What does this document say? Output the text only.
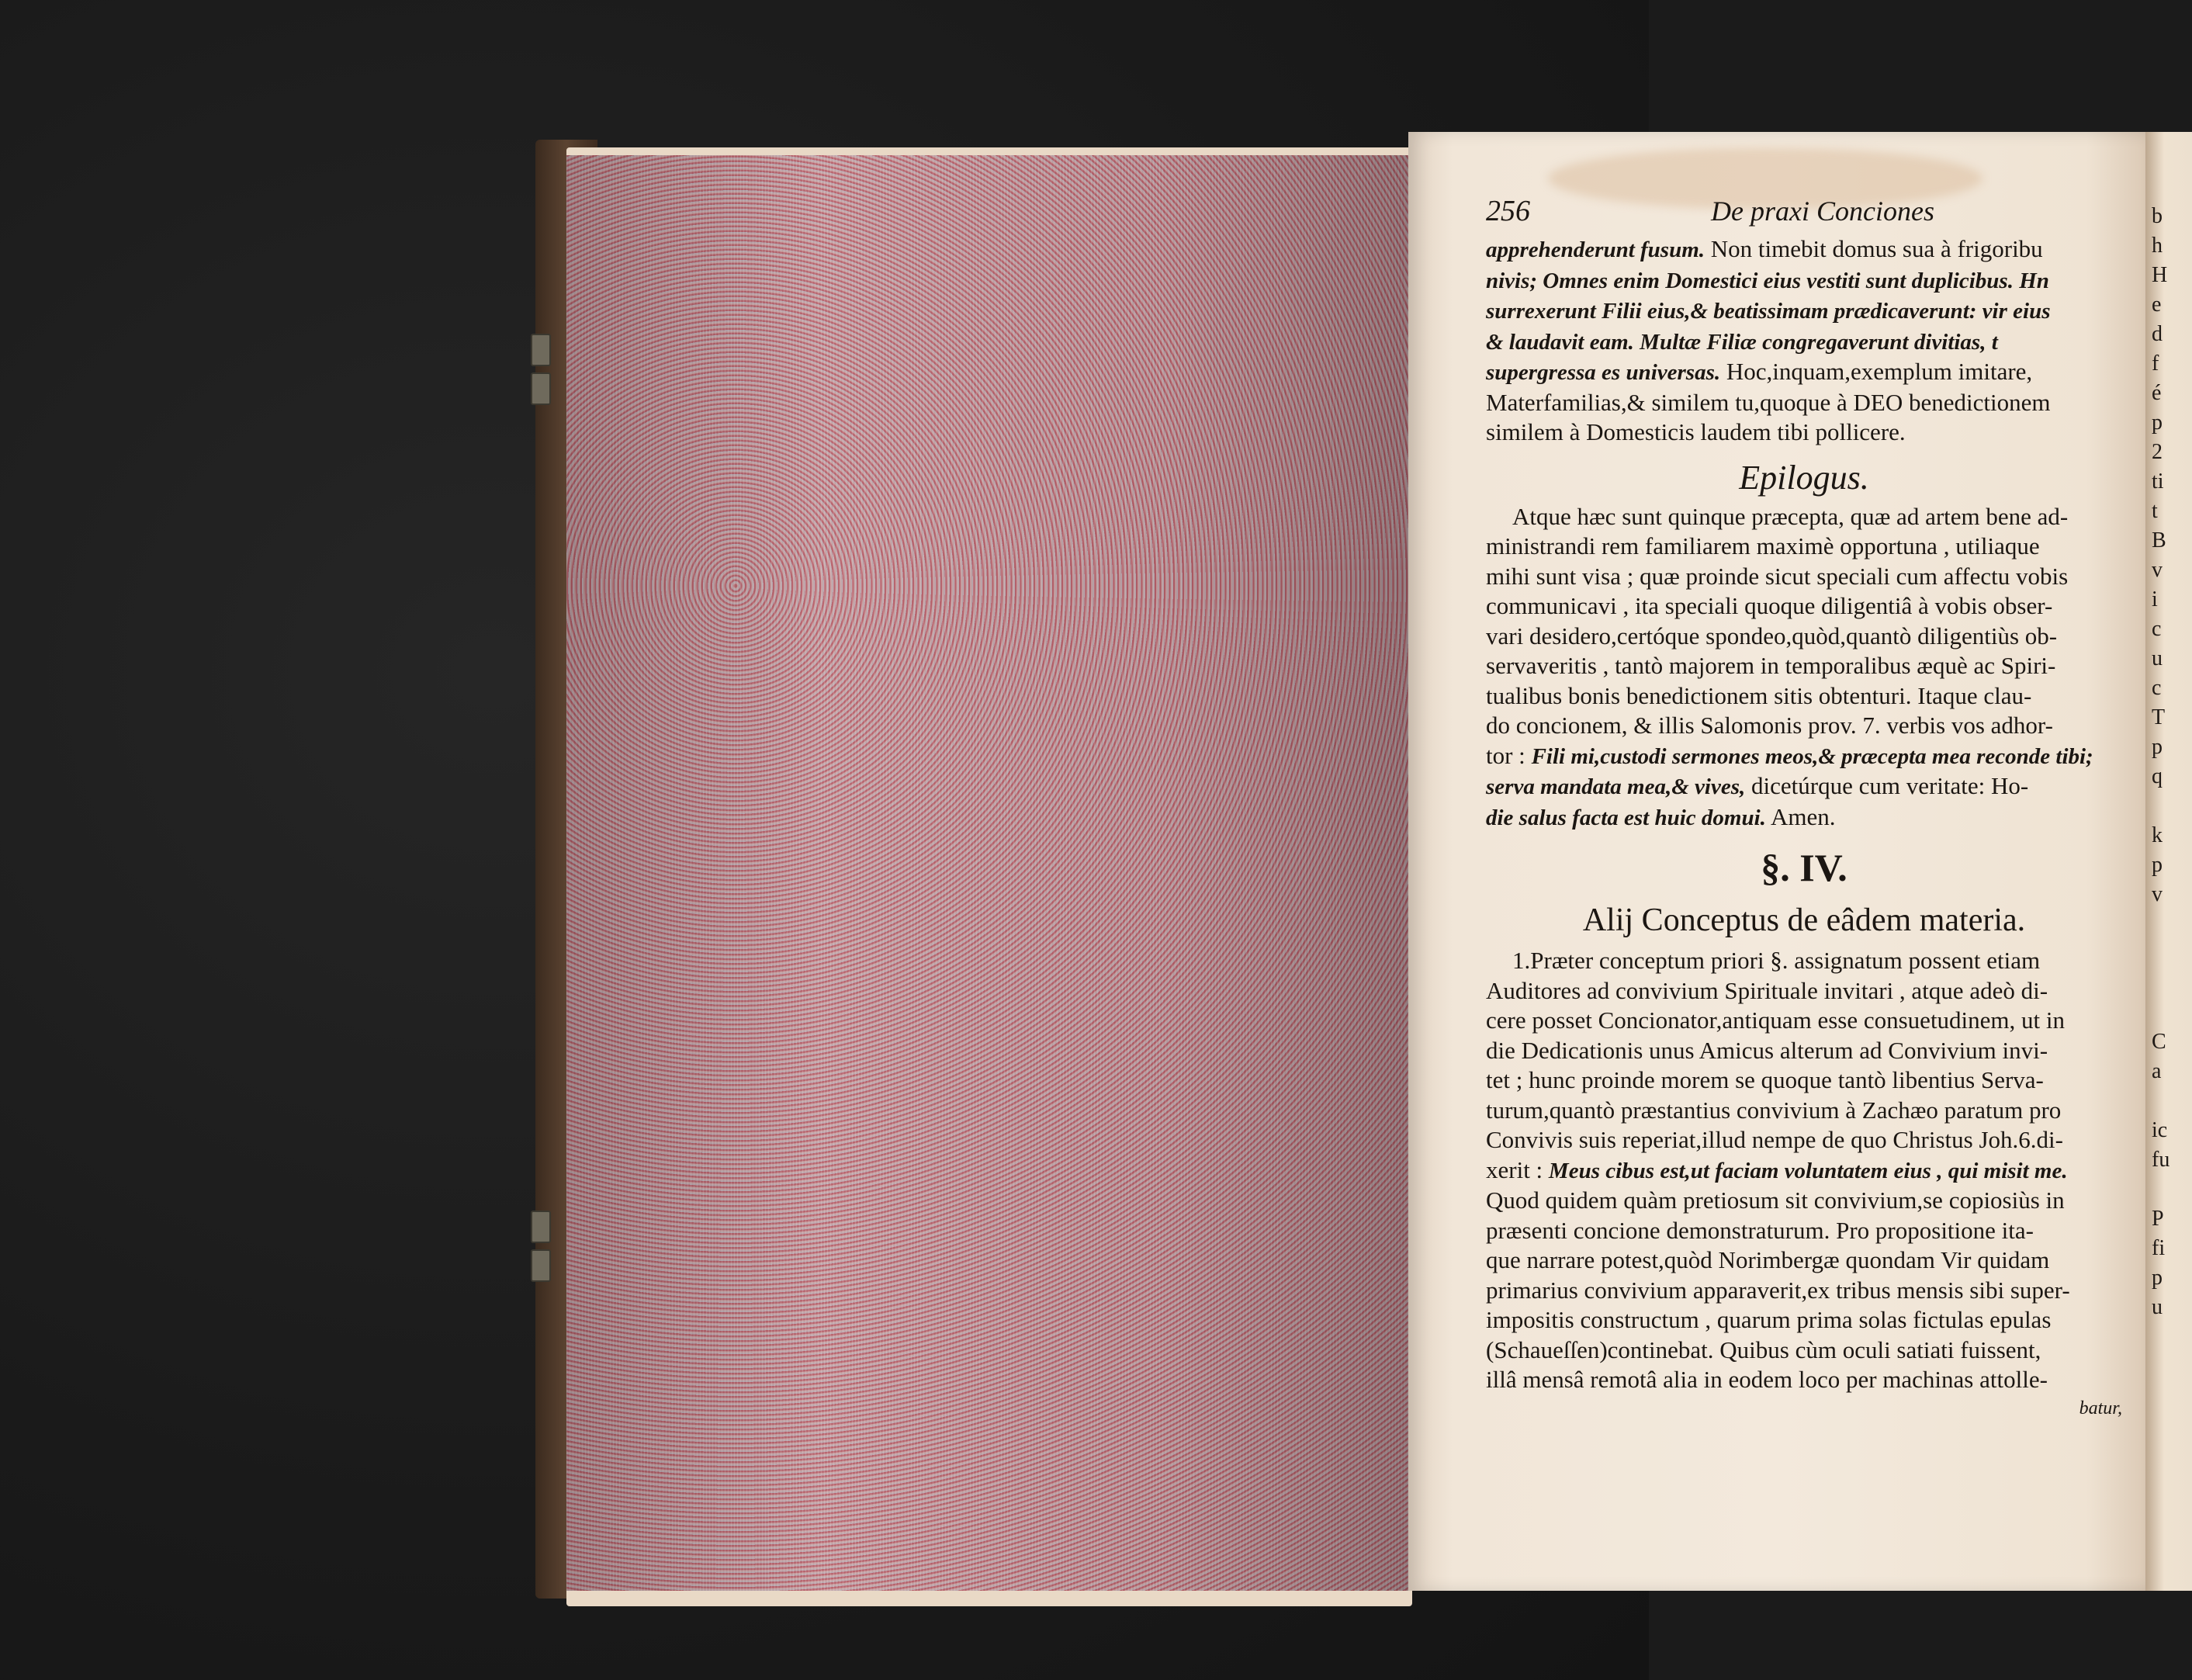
256	De praxi Conciones
apprehenderunt fusum. Non timebit domus sua à frigoribu
nivis; Omnes enim Domestici eius vestiti sunt duplicibus. Hn
surrexerunt Filii eius,& beatissimam prædicaverunt: vir eius
& laudavit eam. Multæ Filiæ congregaverunt divitias, t
supergressa es universas. Hoc,inquam,exemplum imitare,
Materfamilias,& similem tu,quoque à DEO benedictionem
similem à Domesticis laudem tibi pollicere.
Epilogus.
Atque hæc sunt quinque præcepta, quæ ad artem bene ad-
ministrandi rem familiarem maximè opportuna , utiliaque
mihi sunt visa ; quæ proinde sicut speciali cum affectu vobis
communicavi , ita speciali quoque diligentiâ à vobis obser-
vari desidero,certóque spondeo,quòd,quantò diligentiùs ob-
servaveritis , tantò majorem in temporalibus æquè ac Spiri-
tualibus bonis benedictionem sitis obtenturi. Itaque clau-
do concionem, & illis Salomonis prov. 7. verbis vos adhor-
tor : Fili mi,custodi sermones meos,& præcepta mea reconde tibi;
serva mandata mea,& vives, dicetúrque cum veritate: Ho-
die salus facta est huic domui. Amen.
§. IV.
Alij Conceptus de eâdem materia.
1.Præter conceptum priori §. assignatum possent etiam
Auditores ad convivium Spirituale invitari , atque adeò di-
cere posset Concionator,antiquam esse consuetudinem, ut in
die Dedicationis unus Amicus alterum ad Convivium invi-
tet ; hunc proinde morem se quoque tantò libentius Serva-
turum,quantò præstantius convivium à Zachæo paratum pro
Convivis suis reperiat,illud nempe de quo Christus Joh.6.di-
xerit : Meus cibus est,ut faciam voluntatem eius , qui misit me.
Quod quidem quàm pretiosum sit convivium,se copiosiùs in
præsenti concione demonstraturum. Pro propositione ita-
que narrare potest,quòd Norimbergæ quondam Vir quidam
primarius convivium apparaverit,ex tribus mensis sibi super-
impositis constructum , quarum prima solas fictulas epulas
(Schaueſſen)continebat. Quibus cùm oculi satiati fuissent,
illâ mensâ remotâ alia in eodem loco per machinas attolle-
batur,
b
h
H
e
d
f
é
p
2
ti
t
B
v
i
c
u
c
T
p
q

k
p
v

C
a

ic
fu

P
fi
p
u
